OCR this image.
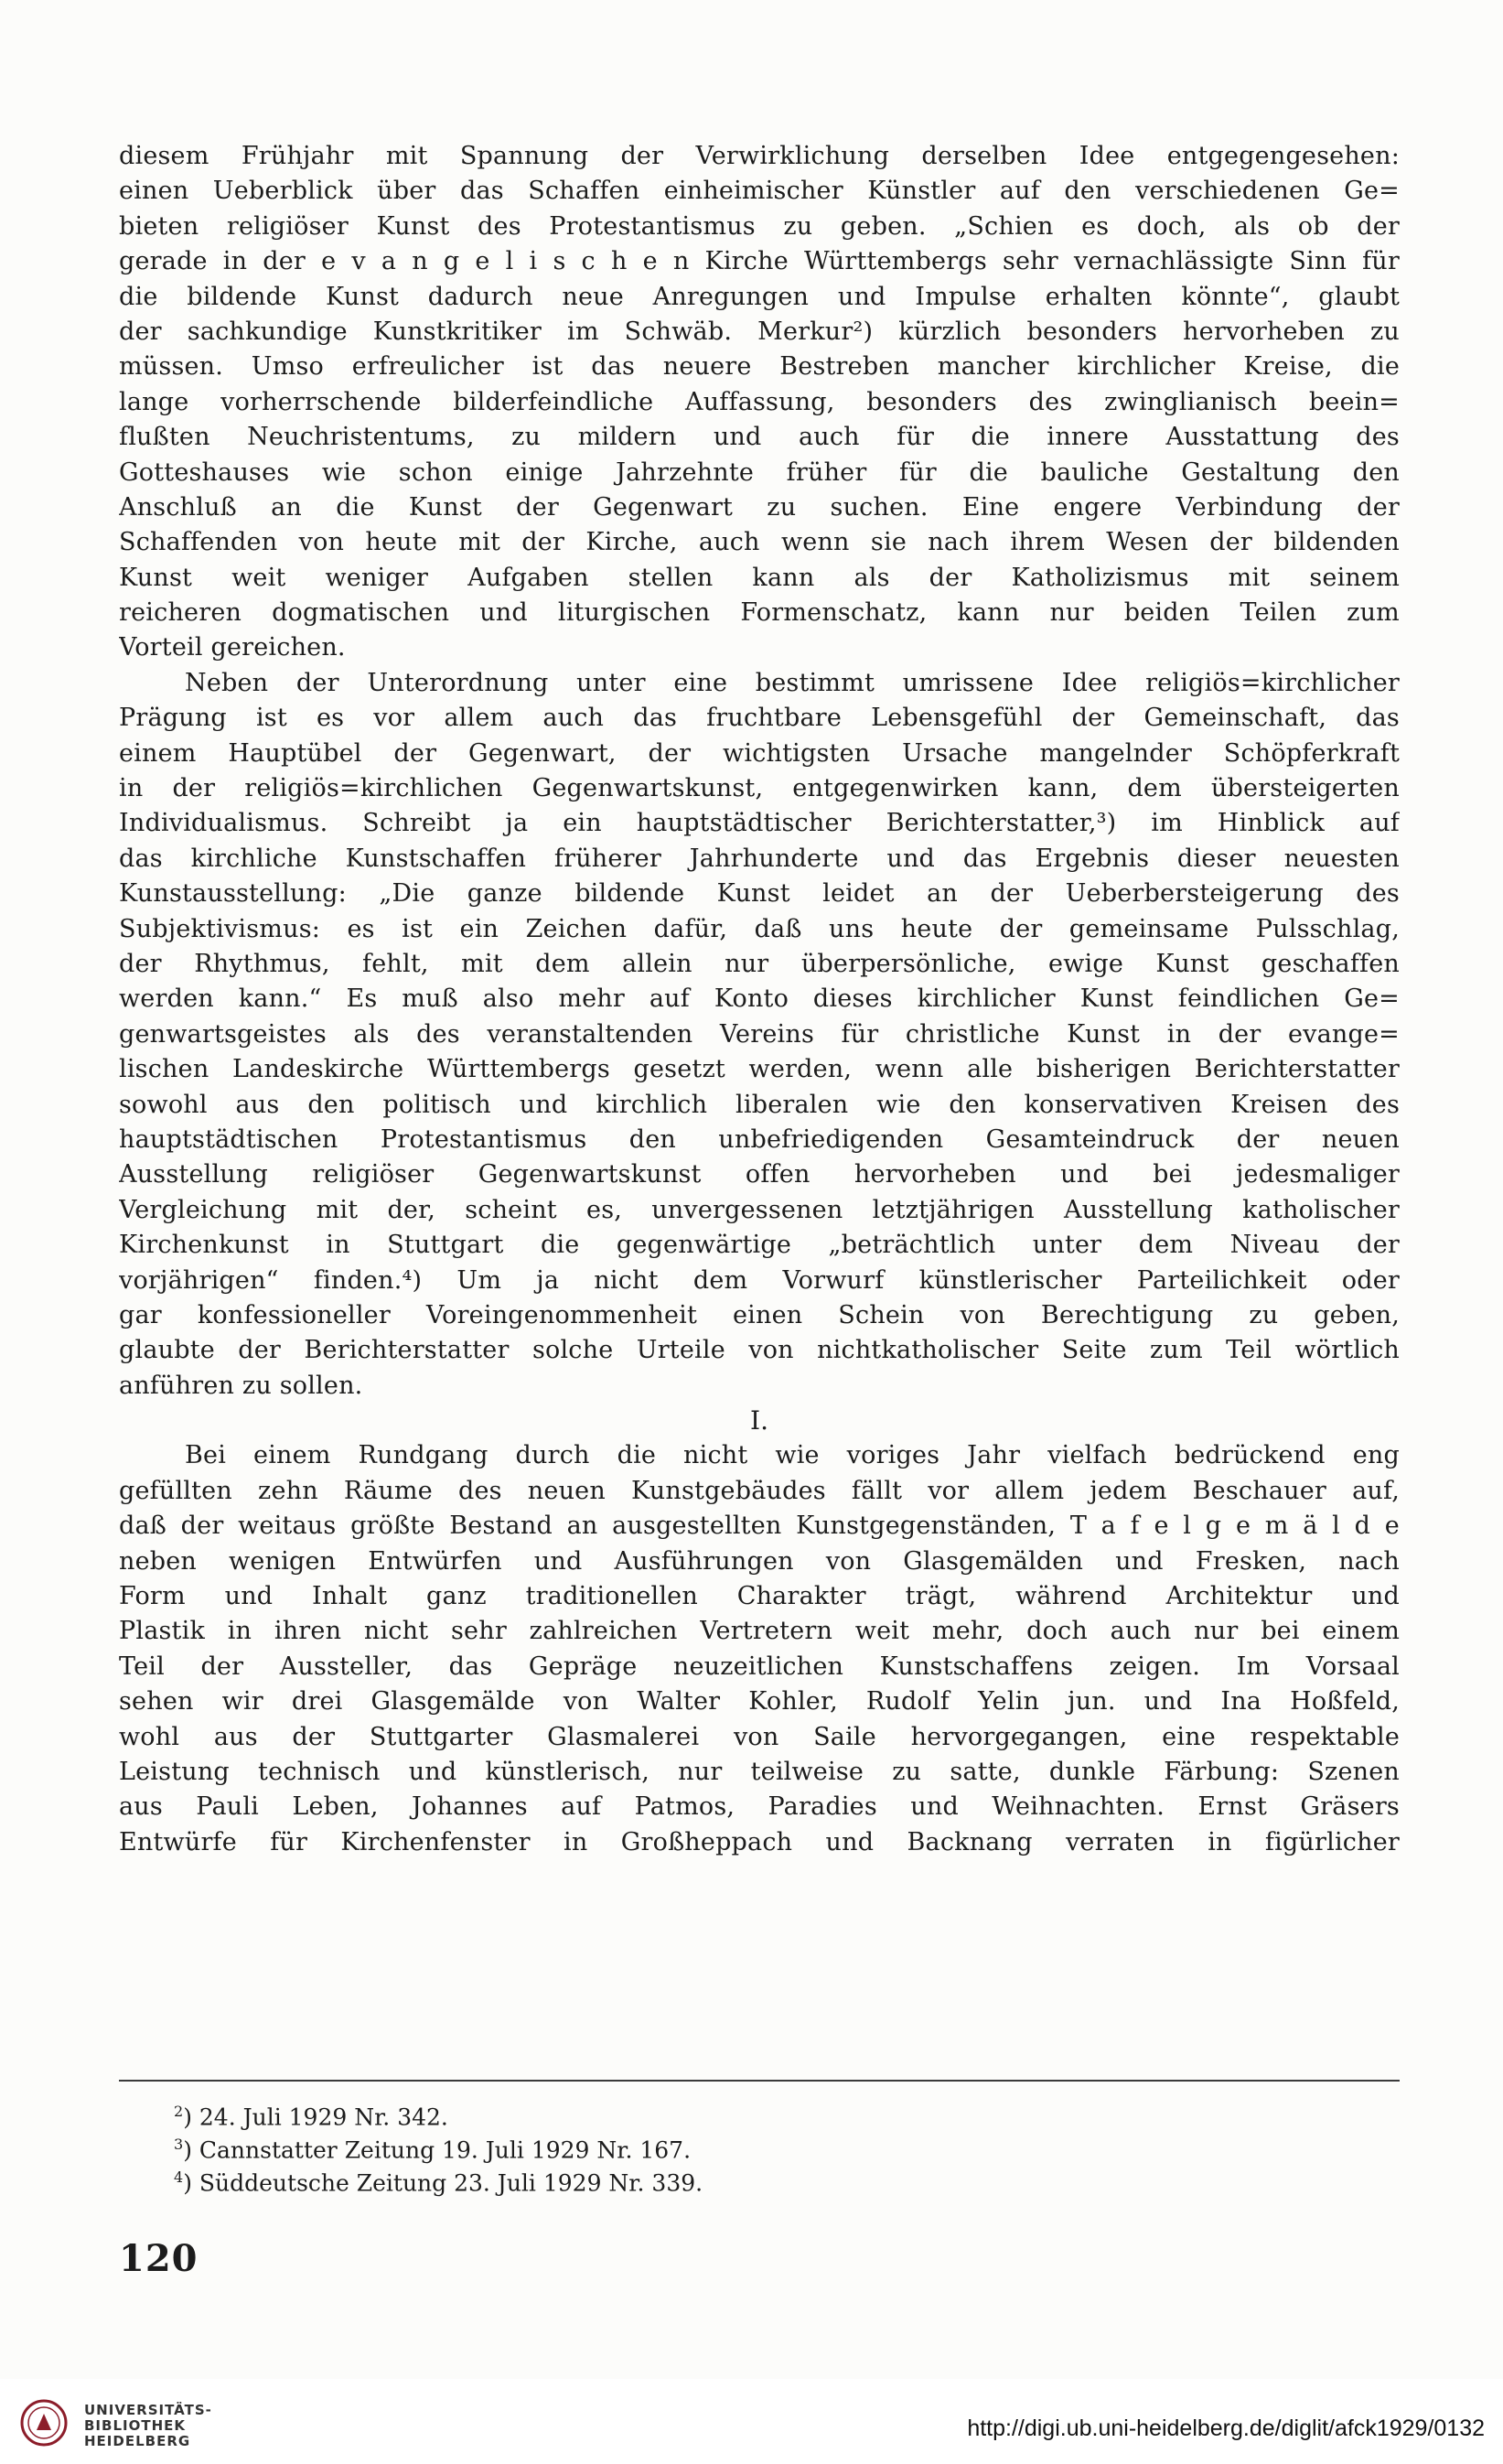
diesem Frühjahr mit Spannung der Verwirklichung derselben Idee entgegengesehen:
einen Ueberblick über das Schaffen einheimischer Künstler auf den verschiedenen Ge=
bieten religiöser Kunst des Protestantismus zu geben. „Schien es doch, als ob der
gerade in der e v a n g e l i s c h e n Kirche Württembergs sehr vernachlässigte Sinn für
die bildende Kunst dadurch neue Anregungen und Impulse erhalten könnte“, glaubt
der sachkundige Kunstkritiker im Schwäb. Merkur²) kürzlich besonders hervorheben zu
müssen. Umso erfreulicher ist das neuere Bestreben mancher kirchlicher Kreise, die
lange vorherrschende bilderfeindliche Auffassung, besonders des zwinglianisch beein=
flußten Neuchristentums, zu mildern und auch für die innere Ausstattung des
Gotteshauses wie schon einige Jahrzehnte früher für die bauliche Gestaltung den
Anschluß an die Kunst der Gegenwart zu suchen. Eine engere Verbindung der
Schaffenden von heute mit der Kirche, auch wenn sie nach ihrem Wesen der bildenden
Kunst weit weniger Aufgaben stellen kann als der Katholizismus mit seinem
reicheren dogmatischen und liturgischen Formenschatz, kann nur beiden Teilen zum
Vorteil gereichen.
Neben der Unterordnung unter eine bestimmt umrissene Idee religiös=kirchlicher
Prägung ist es vor allem auch das fruchtbare Lebensgefühl der Gemeinschaft, das
einem Hauptübel der Gegenwart, der wichtigsten Ursache mangelnder Schöpferkraft
in der religiös=kirchlichen Gegenwartskunst, entgegenwirken kann, dem übersteigerten
Individualismus. Schreibt ja ein hauptstädtischer Berichterstatter,³) im Hinblick auf
das kirchliche Kunstschaffen früherer Jahrhunderte und das Ergebnis dieser neuesten
Kunstausstellung: „Die ganze bildende Kunst leidet an der Ueberbersteigerung des
Subjektivismus: es ist ein Zeichen dafür, daß uns heute der gemeinsame Pulsschlag,
der Rhythmus, fehlt, mit dem allein nur überpersönliche, ewige Kunst geschaffen
werden kann.“ Es muß also mehr auf Konto dieses kirchlicher Kunst feindlichen Ge=
genwartsgeistes als des veranstaltenden Vereins für christliche Kunst in der evange=
lischen Landeskirche Württembergs gesetzt werden, wenn alle bisherigen Berichterstatter
sowohl aus den politisch und kirchlich liberalen wie den konservativen Kreisen des
hauptstädtischen Protestantismus den unbefriedigenden Gesamteindruck der neuen
Ausstellung religiöser Gegenwartskunst offen hervorheben und bei jedesmaliger
Vergleichung mit der, scheint es, unvergessenen letztjährigen Ausstellung katholischer
Kirchenkunst in Stuttgart die gegenwärtige „beträchtlich unter dem Niveau der
vorjährigen“ finden.⁴) Um ja nicht dem Vorwurf künstlerischer Parteilichkeit oder
gar konfessioneller Voreingenommenheit einen Schein von Berechtigung zu geben,
glaubte der Berichterstatter solche Urteile von nichtkatholischer Seite zum Teil wörtlich
anführen zu sollen.
I.
Bei einem Rundgang durch die nicht wie voriges Jahr vielfach bedrückend eng
gefüllten zehn Räume des neuen Kunstgebäudes fällt vor allem jedem Beschauer auf,
daß der weitaus größte Bestand an ausgestellten Kunstgegenständen, T a f e l g e m ä l d e
neben wenigen Entwürfen und Ausführungen von Glasgemälden und Fresken, nach
Form und Inhalt ganz traditionellen Charakter trägt, während Architektur und
Plastik in ihren nicht sehr zahlreichen Vertretern weit mehr, doch auch nur bei einem
Teil der Aussteller, das Gepräge neuzeitlichen Kunstschaffens zeigen. Im Vorsaal
sehen wir drei Glasgemälde von Walter Kohler, Rudolf Yelin jun. und Ina Hoßfeld,
wohl aus der Stuttgarter Glasmalerei von Saile hervorgegangen, eine respektable
Leistung technisch und künstlerisch, nur teilweise zu satte, dunkle Färbung: Szenen
aus Pauli Leben, Johannes auf Patmos, Paradies und Weihnachten. Ernst Gräsers
Entwürfe für Kirchenfenster in Großheppach und Backnang verraten in figürlicher
$^2$) 24. Juli 1929 Nr. 342.
$^3$) Cannstatter Zeitung 19. Juli 1929 Nr. 167.
$^4$) Süddeutsche Zeitung 23. Juli 1929 Nr. 339.
120
UNIVERSITÄTS-
BIBLIOTHEK
HEIDELBERG	http://digi.ub.uni-heidelberg.de/diglit/afck1929/0132
